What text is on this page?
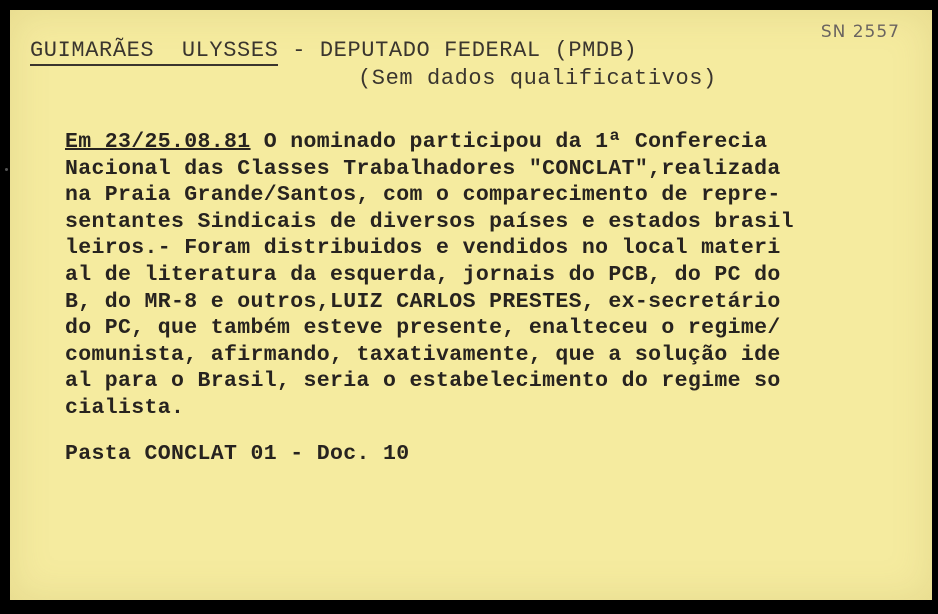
SN 2557
GUIMARÃES  ULYSSES - DEPUTADO FEDERAL (PMDB)
(Sem dados qualificativos)
Em 23/25.08.81 O nominado participou da 1ª Conferecia
Nacional das Classes Trabalhadores "CONCLAT",realizada
na Praia Grande/Santos, com o comparecimento de repre-
sentantes Sindicais de diversos países e estados brasil
leiros.- Foram distribuidos e vendidos no local materi
al de literatura da esquerda, jornais do PCB, do PC do
B, do MR-8 e outros,LUIZ CARLOS PRESTES, ex-secretário
do PC, que também esteve presente, enalteceu o regime/
comunista, afirmando, taxativamente, que a solução ide
al para o Brasil, seria o estabelecimento do regime so
cialista.
Pasta CONCLAT 01 - Doc. 10
